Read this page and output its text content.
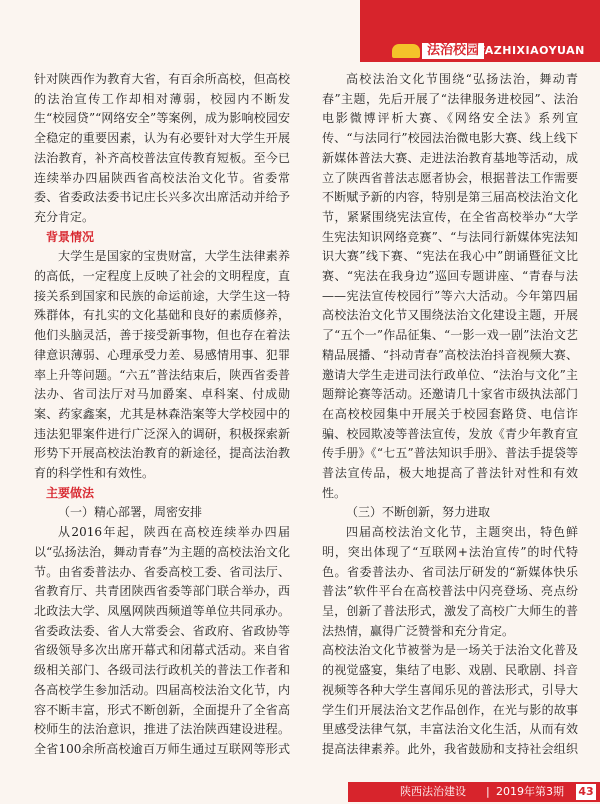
法治校园
FAZHIXIAOYUAN

针对陕西作为教育大省，有百余所高校，但高校的法治宣传工作却相对薄弱，校园内不断发生“校园贷”“网络安全”等案例，成为影响校园安全稳定的重要因素，认为有必要针对大学生开展法治教育，补齐高校普法宣传教育短板。至今已连续举办四届陕西省高校法治文化节。省委常委、省委政法委书记庄长兴多次出席活动并给予充分肯定。

背景情况

大学生是国家的宝贵财富，大学生法律素养的高低，一定程度上反映了社会的文明程度，直接关系到国家和民族的命运前途，大学生这一特殊群体，有扎实的文化基础和良好的素质修养，他们头脑灵活，善于接受新事物，但也存在着法律意识薄弱、心理承受力差、易感情用事、犯罪率上升等问题。“六五”普法结束后，陕西省委普法办、省司法厅对马加爵案、卓科案、付成勋案、药家鑫案，尤其是林森浩案等大学校园中的违法犯罪案件进行广泛深入的调研，积极探索新形势下开展高校法治教育的新途径，提高法治教育的科学性和有效性。

主要做法
（一）精心部署，周密安排

从2016年起，陕西在高校连续举办四届以“弘扬法治，舞动青春”为主题的高校法治文化节。由省委普法办、省委高校工委、省司法厅、省教育厅、共青团陕西省委等部门联合举办，西北政法大学、凤凰网陕西频道等单位共同承办。省委政法委、省人大常委会、省政府、省政协等省级领导多次出席开幕式和闭幕式活动。来自省级相关部门、各级司法行政机关的普法工作者和各高校学生参加活动。四届高校法治文化节，内容不断丰富，形式不断创新，全面提升了全省高校师生的法治意识，推进了法治陕西建设进程。全省100余所高校逾百万师生通过互联网等形式

高校法治文化节围绕“弘扬法治，舞动青春”主题，先后开展了“法律服务进校园”、法治电影微博评析大赛、《网络安全法》系列宣传、“与法同行”校园法治微电影大赛、线上线下新媒体普法大赛、走进法治教育基地等活动，成立了陕西省普法志愿者协会，根据普法工作需要不断赋予新的内容，特别是第三届高校法治文化节，紧紧围绕宪法宣传，在全省高校举办“大学生宪法知识网络竞赛”、“与法同行新媒体宪法知识大赛”线下赛、“宪法在我心中”朗诵暨征文比赛、“宪法在我身边”巡回专题讲座、“青春与法——宪法宣传校园行”等六大活动。今年第四届高校法治文化节又围绕法治文化建设主题，开展了“五个一”作品征集、“一影一戏一剧”法治文艺精品展播、“抖动青春”高校法治抖音视频大赛、邀请大学生走进司法行政单位、“法治与文化”主题辩论赛等活动。还邀请几十家省市级执法部门在高校校园集中开展关于校园套路贷、电信诈骗、校园欺凌等普法宣传，发放《青少年教育宣传手册》《“七五”普法知识手册》、普法手提袋等普法宣传品，极大地提高了普法针对性和有效性。

（三）不断创新，努力进取

四届高校法治文化节，主题突出，特色鲜明，突出体现了“互联网+法治宣传”的时代特色。省委普法办、省司法厅研发的“新媒体快乐普法”软件平台在高校普法中闪亮登场、亮点纷呈，创新了普法形式，激发了高校广大师生的普法热情，赢得广泛赞誉和充分肯定。

高校法治文化节被誉为是一场关于法治文化普及的视觉盛宴，集结了电影、戏剧、民歌剧、抖音视频等各种大学生喜闻乐见的普法形式，引导大学生们开展法治文艺作品创作，在光与影的故事里感受法律气氛，丰富法治文化生活，从而有效提高法律素养。此外，我省鼓励和支持社会组织

陕西法治建设 | 2019年第3期 43
